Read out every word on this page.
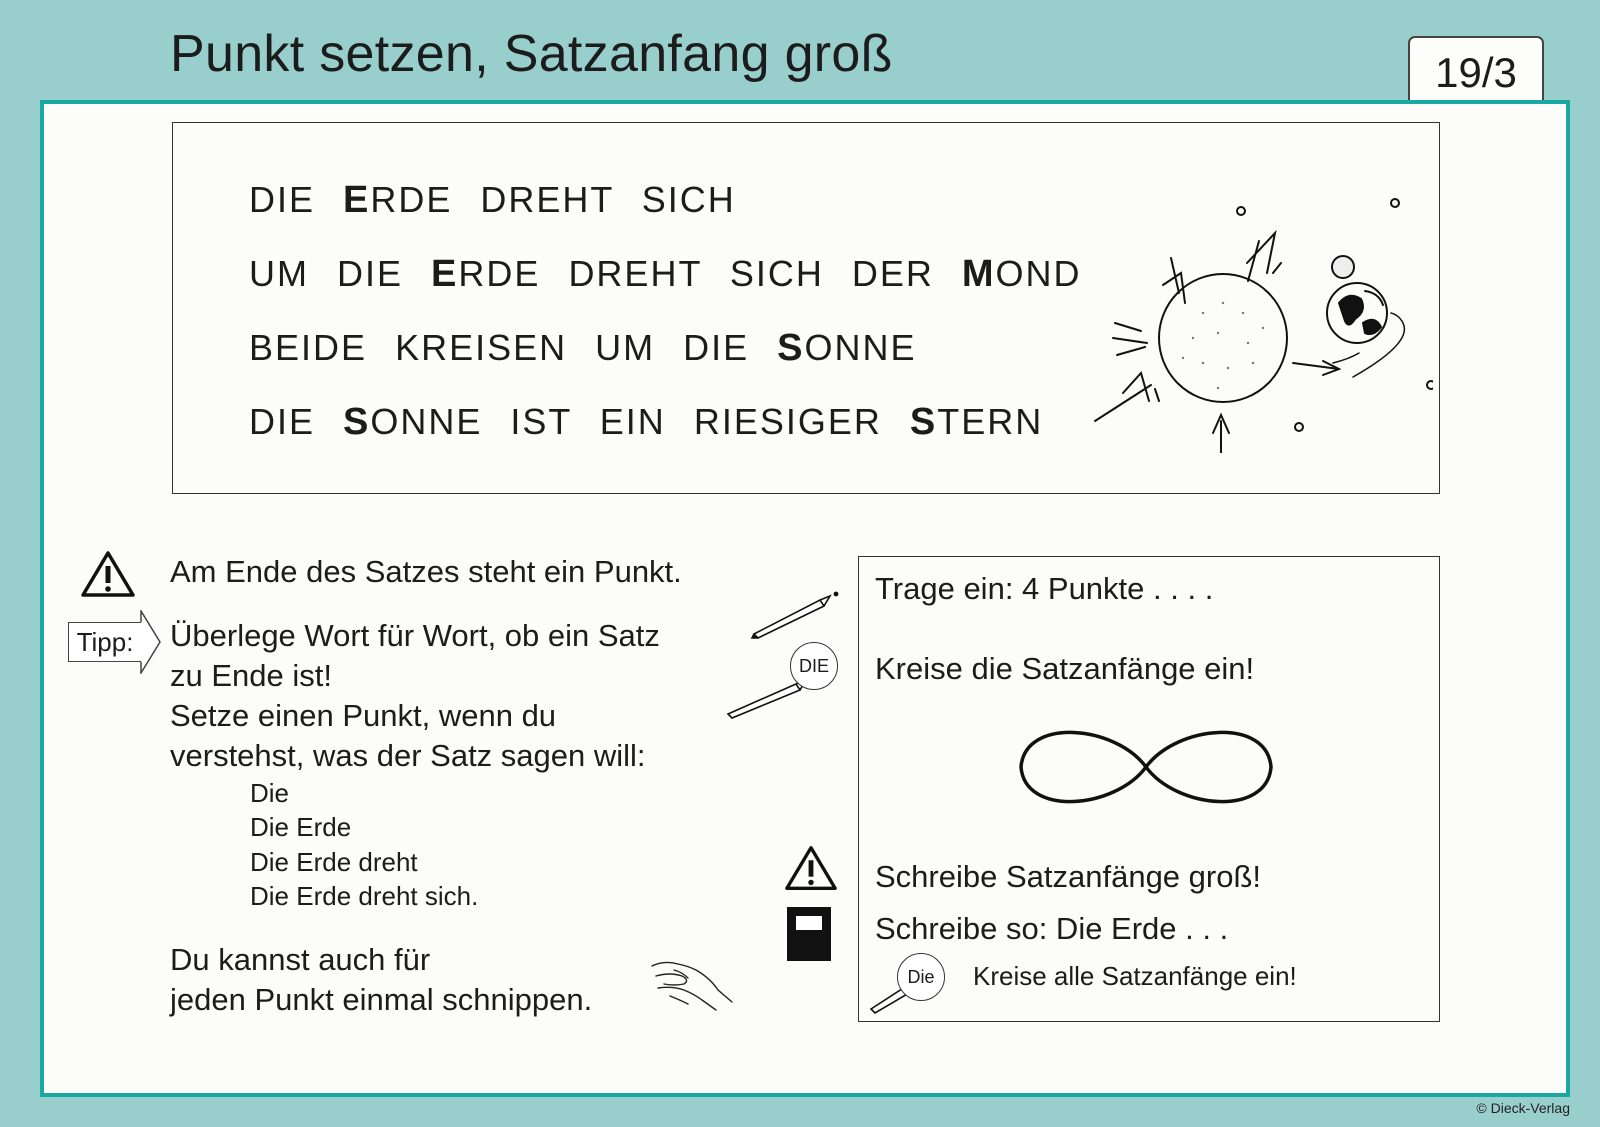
Punkt setzen, Satzanfang groß	19/3
DIE ERDE DREHT SICH
UM DIE ERDE DREHT SICH DER MOND
BEIDE KREISEN UM DIE SONNE
DIE SONNE IST EIN RIESIGER STERN
Am Ende des Satzes steht ein Punkt.
Tipp: Überlege Wort für Wort, ob ein Satz
zu Ende ist!
Setze einen Punkt, wenn du
verstehst, was der Satz sagen will:
Die
Die Erde
Die Erde dreht
Die Erde dreht sich.
Du kannst auch für
jeden Punkt einmal schnippen.
DIE
Trage ein: 4 Punkte . . . .
Kreise die Satzanfänge ein!
Schreibe Satzanfänge groß!
Schreibe so: Die Erde . . .
Die	Kreise alle Satzanfänge ein!
© Dieck-Verlag
